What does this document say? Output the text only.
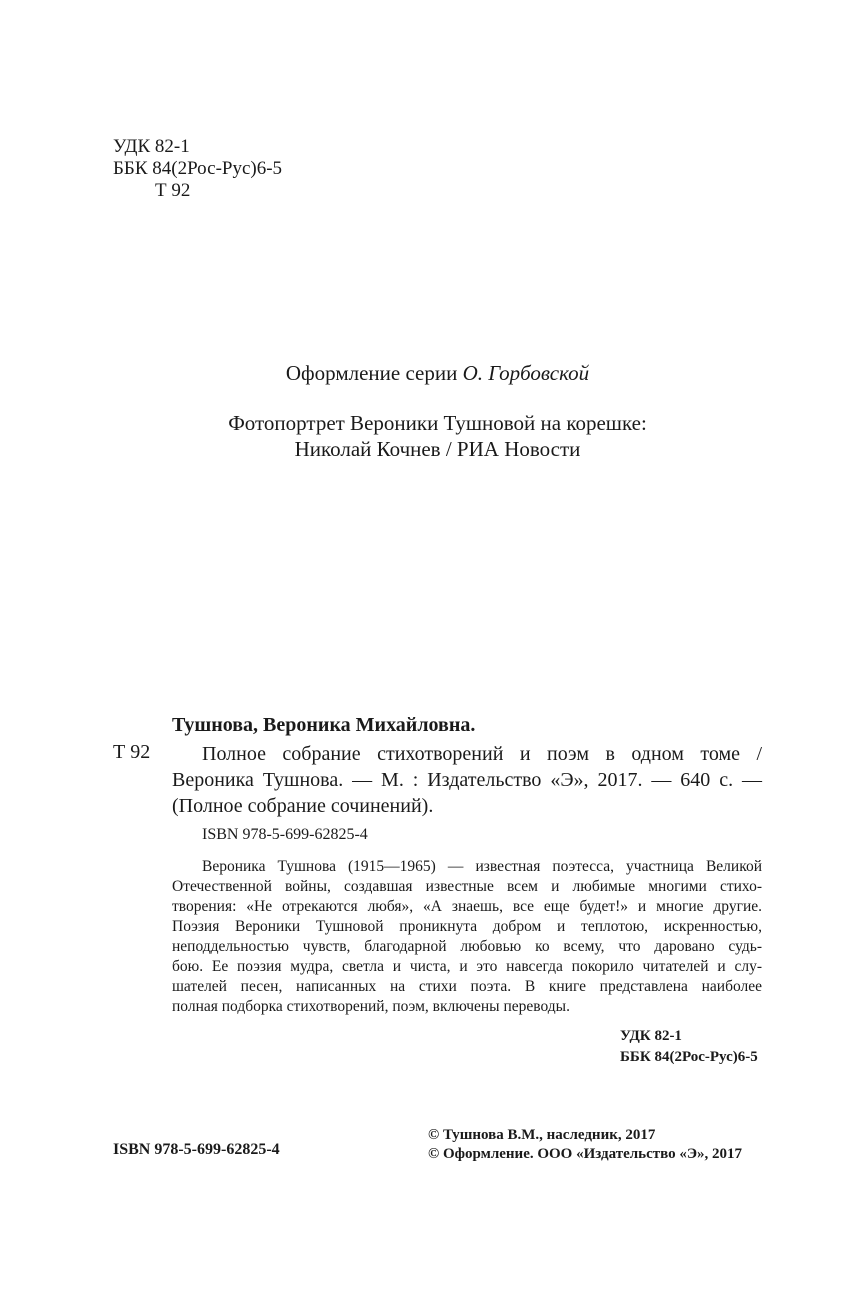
УДК 82-1
ББК 84(2Рос-Рус)6-5
Т 92
Оформление серии О. Горбовской
Фотопортрет Вероники Тушновой на корешке:
Николай Кочнев / РИА Новости
Тушнова, Вероника Михайловна.
Т 92	Полное собрание стихотворений и поэм в одном томе /
Вероника Тушнова. — М. : Издательство «Э», 2017. — 640 с. —
(Полное собрание сочинений).
ISBN 978-5-699-62825-4
Вероника Тушнова (1915—1965) — известная поэтесса, участница Великой
Отечественной войны, создавшая известные всем и любимые многими стихо-
творения: «Не отрекаются любя», «А знаешь, все еще будет!» и многие другие.
Поэзия Вероники Тушновой проникнута добром и теплотою, искренностью,
неподдельностью чувств, благодарной любовью ко всему, что даровано судь-
бою. Ее поэзия мудра, светла и чиста, и это навсегда покорило читателей и слу-
шателей песен, написанных на стихи поэта. В книге представлена наиболее
полная подборка стихотворений, поэм, включены переводы.
УДК 82-1
ББК 84(2Рос-Рус)6-5
ISBN 978-5-699-62825-4
© Тушнова В.М., наследник, 2017
© Оформление. ООО «Издательство «Э», 2017
